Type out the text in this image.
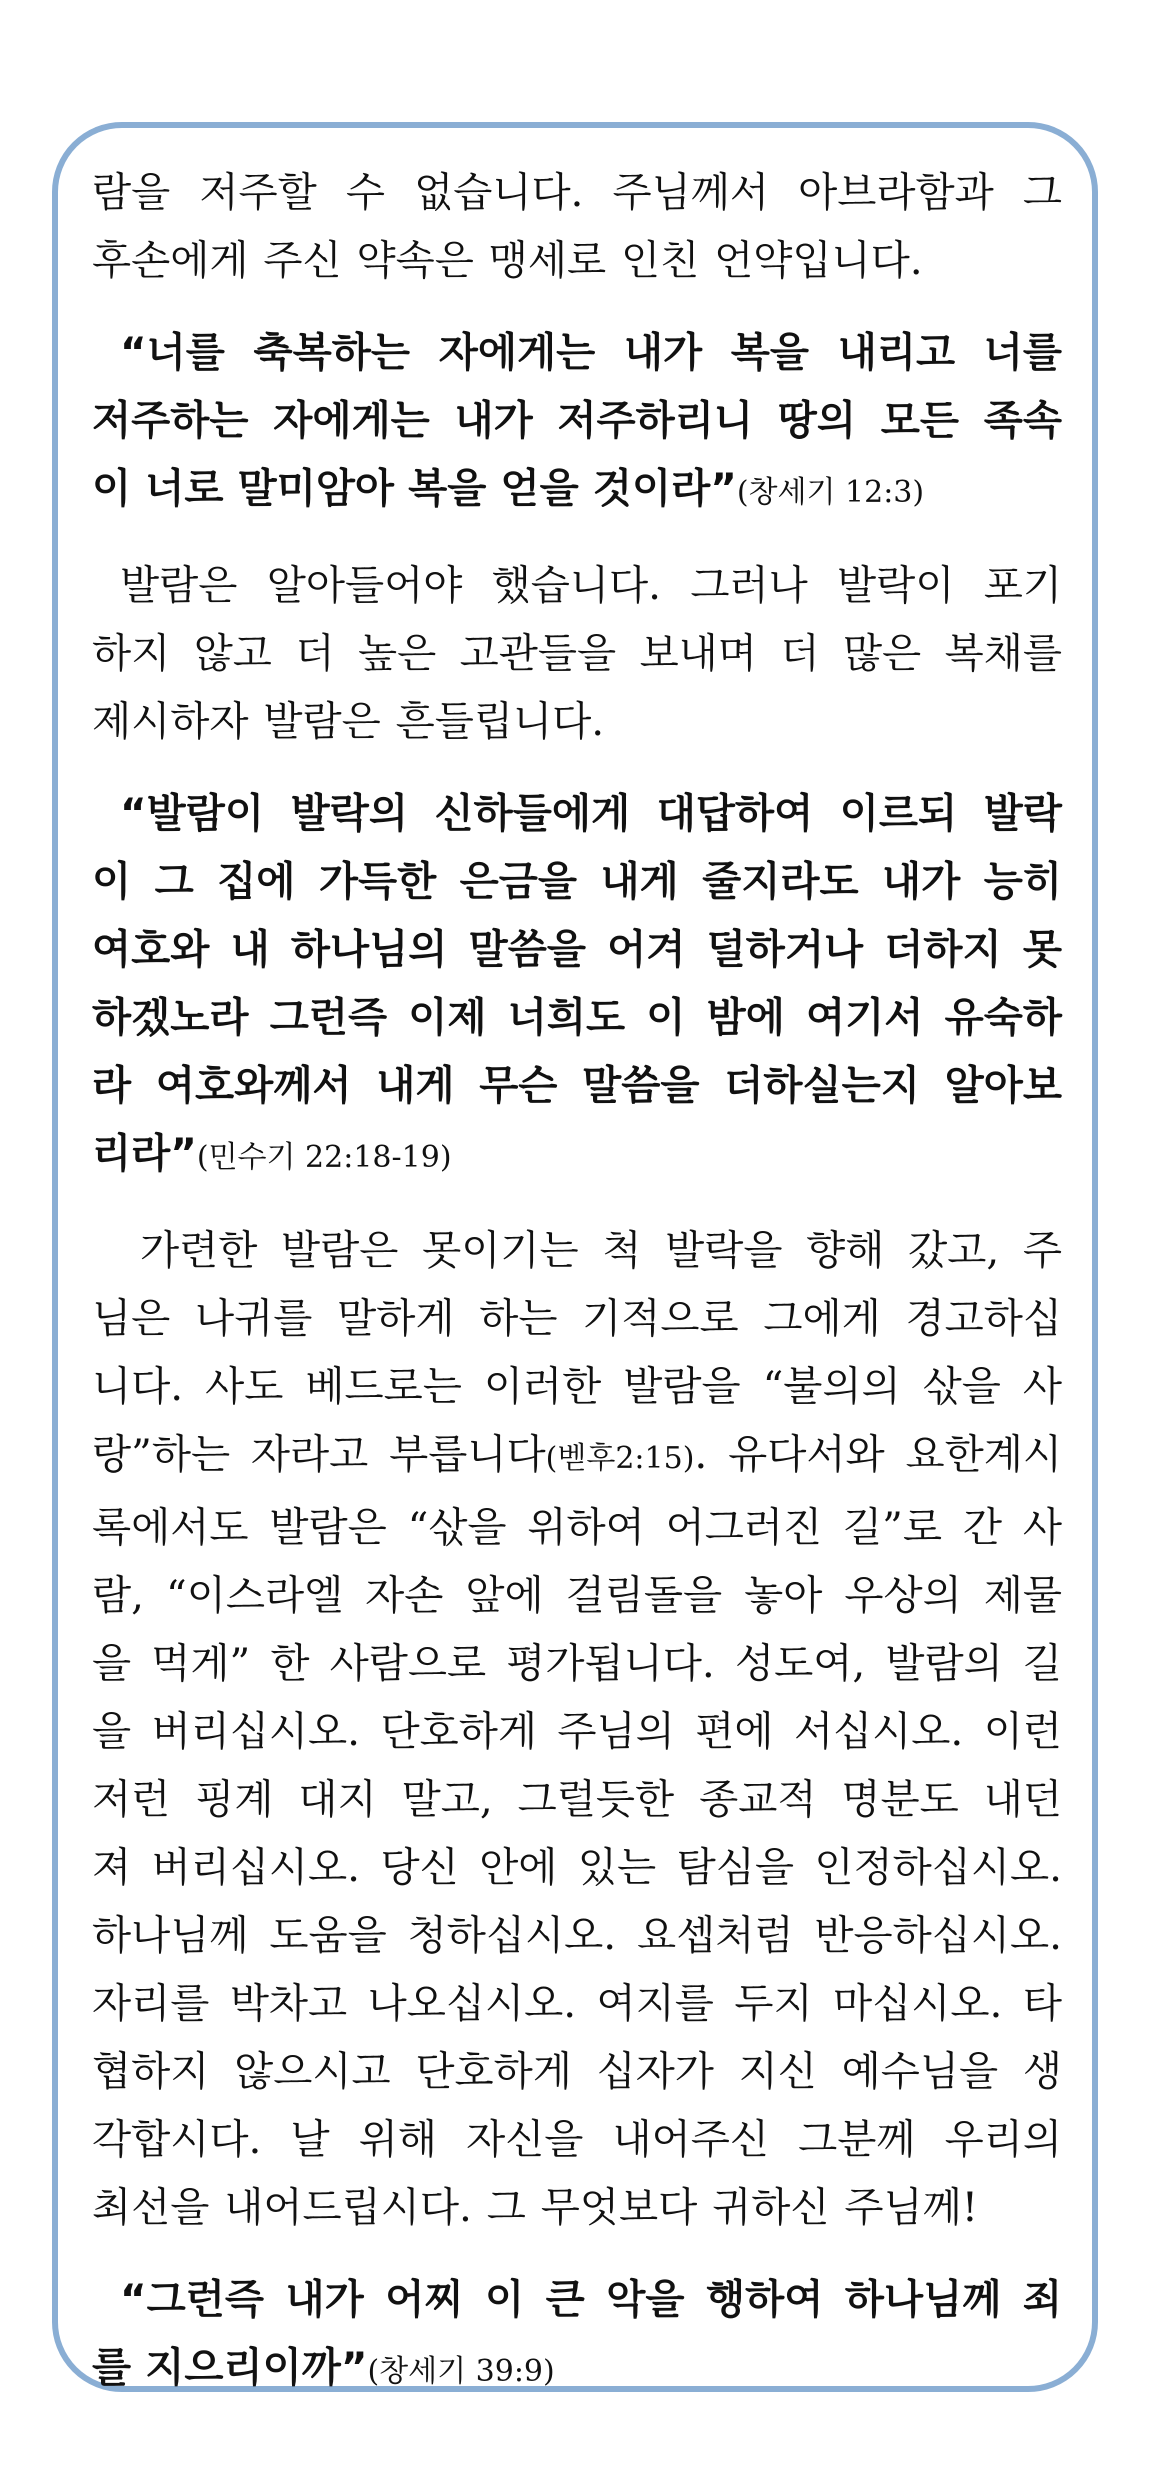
람을 저주할 수 없습니다. 주님께서 아브라함과 그
후손에게 주신 약속은 맹세로 인친 언약입니다.
“너를 축복하는 자에게는 내가 복을 내리고 너를
저주하는 자에게는 내가 저주하리니 땅의 모든 족속
이 너로 말미암아 복을 얻을 것이라”(창세기 12:3)
발람은 알아들어야 했습니다. 그러나 발락이 포기
하지 않고 더 높은 고관들을 보내며 더 많은 복채를
제시하자 발람은 흔들립니다.
“발람이 발락의 신하들에게 대답하여 이르되 발락
이 그 집에 가득한 은금을 내게 줄지라도 내가 능히
여호와 내 하나님의 말씀을 어겨 덜하거나 더하지 못
하겠노라 그런즉 이제 너희도 이 밤에 여기서 유숙하
라 여호와께서 내게 무슨 말씀을 더하실는지 알아보
리라”(민수기 22:18-19)
가련한 발람은 못이기는 척 발락을 향해 갔고, 주
님은 나귀를 말하게 하는 기적으로 그에게 경고하십
니다. 사도 베드로는 이러한 발람을 “불의의 삯을 사
랑”하는 자라고 부릅니다(벧후2:15). 유다서와 요한계시
록에서도 발람은 “삯을 위하여 어그러진 길”로 간 사
람, “이스라엘 자손 앞에 걸림돌을 놓아 우상의 제물
을 먹게” 한 사람으로 평가됩니다. 성도여, 발람의 길
을 버리십시오. 단호하게 주님의 편에 서십시오. 이런
저런 핑계 대지 말고, 그럴듯한 종교적 명분도 내던
져 버리십시오. 당신 안에 있는 탐심을 인정하십시오.
하나님께 도움을 청하십시오. 요셉처럼 반응하십시오.
자리를 박차고 나오십시오. 여지를 두지 마십시오. 타
협하지 않으시고 단호하게 십자가 지신 예수님을 생
각합시다. 날 위해 자신을 내어주신 그분께 우리의
최선을 내어드립시다. 그 무엇보다 귀하신 주님께!
“그런즉 내가 어찌 이 큰 악을 행하여 하나님께 죄
를 지으리이까”(창세기 39:9)
